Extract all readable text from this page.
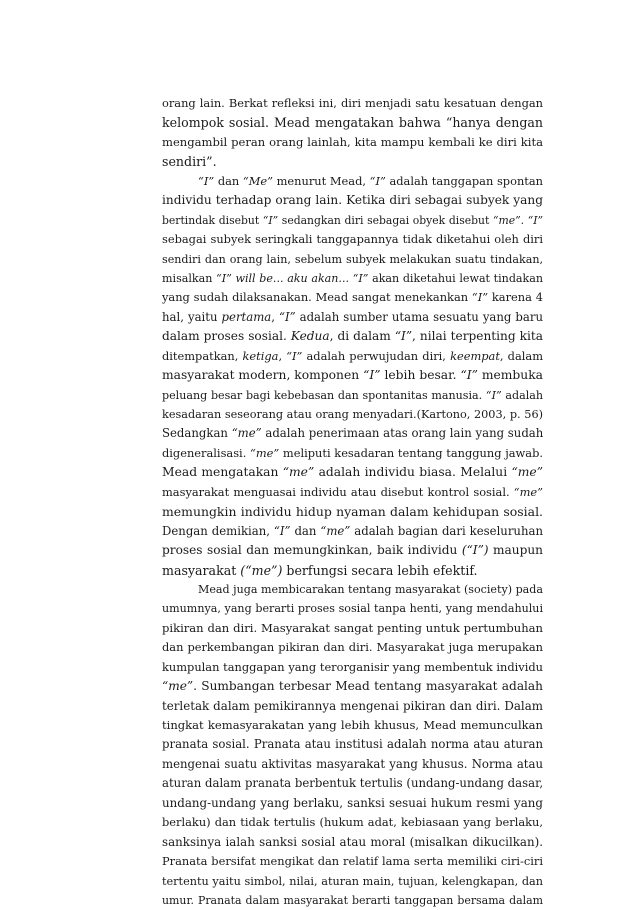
orang lain. Berkat refleksi ini, diri menjadi satu kesatuan dengan
kelompok sosial. Mead mengatakan bahwa “hanya dengan
mengambil peran orang lainlah, kita mampu kembali ke diri kita
sendiri”.
“I” dan “Me” menurut Mead, “I” adalah tanggapan spontan
individu terhadap orang lain. Ketika diri sebagai subyek yang
bertindak disebut “I” sedangkan diri sebagai obyek disebut “me”. “I”
sebagai subyek seringkali tanggapannya tidak diketahui oleh diri
sendiri dan orang lain, sebelum subyek melakukan suatu tindakan,
misalkan “I” will be... aku akan... “I” akan diketahui lewat tindakan
yang sudah dilaksanakan. Mead sangat menekankan “I” karena 4
hal, yaitu pertama, “I” adalah sumber utama sesuatu yang baru
dalam proses sosial. Kedua, di dalam “I”, nilai terpenting kita
ditempatkan, ketiga, “I” adalah perwujudan diri, keempat, dalam
masyarakat modern, komponen “I” lebih besar. “I” membuka
peluang besar bagi kebebasan dan spontanitas manusia. “I” adalah
kesadaran seseorang atau orang menyadari.(Kartono, 2003, p. 56)
Sedangkan “me” adalah penerimaan atas orang lain yang sudah
digeneralisasi. “me” meliputi kesadaran tentang tanggung jawab.
Mead mengatakan “me” adalah individu biasa. Melalui “me”
masyarakat menguasai individu atau disebut kontrol sosial. “me”
memungkin individu hidup nyaman dalam kehidupan sosial.
Dengan demikian, “I” dan “me” adalah bagian dari keseluruhan
proses sosial dan memungkinkan, baik individu (“I”) maupun
masyarakat (“me”) berfungsi secara lebih efektif.
Mead juga membicarakan tentang masyarakat (society) pada
umumnya, yang berarti proses sosial tanpa henti, yang mendahului
pikiran dan diri. Masyarakat sangat penting untuk pertumbuhan
dan perkembangan pikiran dan diri. Masyarakat juga merupakan
kumpulan tanggapan yang terorganisir yang membentuk individu
“me”. Sumbangan terbesar Mead tentang masyarakat adalah
terletak dalam pemikirannya mengenai pikiran dan diri. Dalam
tingkat kemasyarakatan yang lebih khusus, Mead memunculkan
pranata sosial. Pranata atau institusi adalah norma atau aturan
mengenai suatu aktivitas masyarakat yang khusus. Norma atau
aturan dalam pranata berbentuk tertulis (undang-undang dasar,
undang-undang yang berlaku, sanksi sesuai hukum resmi yang
berlaku) dan tidak tertulis (hukum adat, kebiasaan yang berlaku,
sanksinya ialah sanksi sosial atau moral (misalkan dikucilkan).
Pranata bersifat mengikat dan relatif lama serta memiliki ciri-ciri
tertentu yaitu simbol, nilai, aturan main, tujuan, kelengkapan, dan
umur. Pranata dalam masyarakat berarti tanggapan bersama dalam
